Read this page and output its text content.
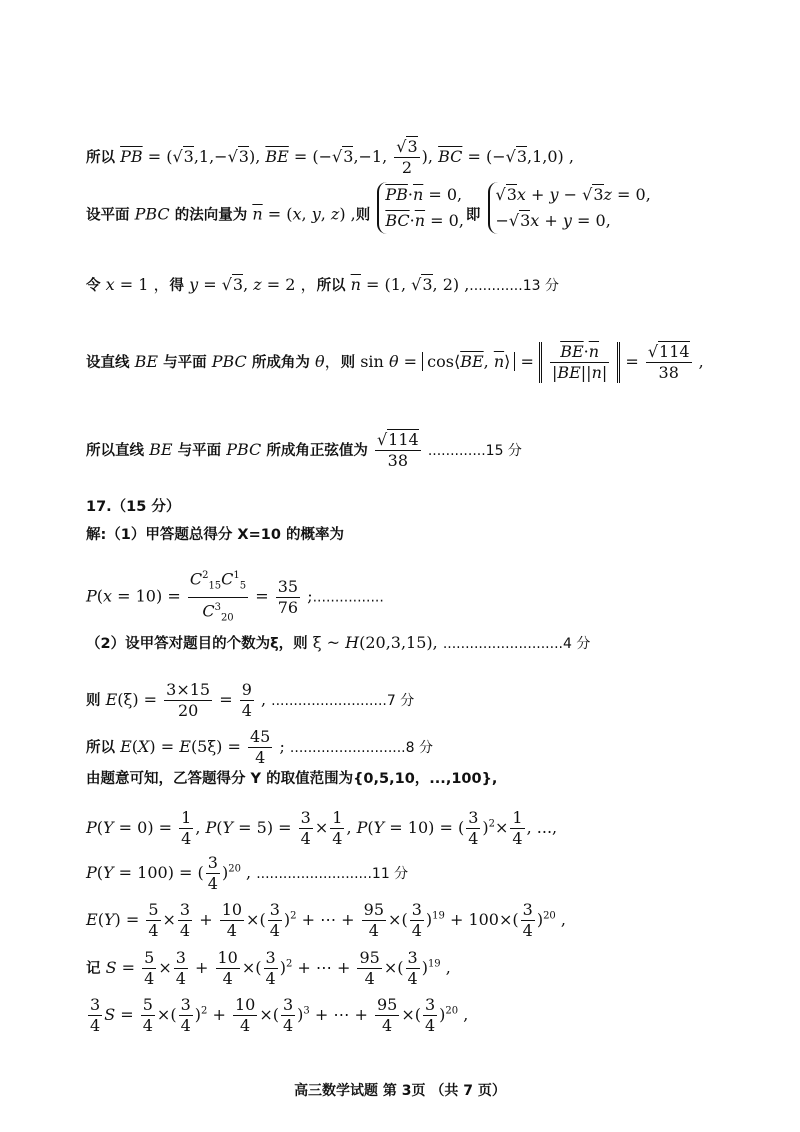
所以 $\overline{PB} = (√3,1,-√3)$, $\overline{BE} = (-√3,-1$, $\frac{√3}{2}$ ), $\overline{BC} = (-√3,1,0)$ ,
设平面 PBC 的法向量为 $\overline{n} = (x$, y, z) ,则
$\overline{PB}\cdot\overline{n} = 0$,
$\overline{BC}\cdot\overline{n} = 0$, 即
√3x + y − √3z = 0,
−√3x + y = 0,
令 x = 1 ，得 y = √3, z = 2 ，所以 $\overline{n} = (1$, √3, 2) ,............13 分
设直线 BE 与平面 PBC 所成角为 θ，则 $\sin \theta = \cos⟨\overline{BE}$, $\overline{n}⟩ = \frac{\overline{BE}\cdot\overline{n}}{|\overline{BE}||\overline{n}|} = \frac{√114}{38}$ ,
所以直线 BE 与平面 PBC 所成角正弦值为 $\frac{√114}{38} .............15$ 分
17.（15 分）
解:（1）甲答题总得分 X=10 的概率为
$P(x = 10) = \frac{C^2_{15}C^1_5}{C^3_{20}} = \frac{35}{76}$ ;................
（2）设甲答对题目的个数为ξ，则 ξ ~ H(20,3,15), ...........................4 分
则 $E(\xi) = \frac{3\times 15}{20} = \frac{9}{4}$ , ..........................7 分
所以 $E(X) = E(5\xi) = \frac{45}{4}$ ; ..........................8 分
由题意可知，乙答题得分 Y 的取值范围为{0,5,10，...,100},
$P(Y = 0) = \frac{1}{4}$ , $P(Y = 5) = \frac{3}{4} \times \frac{1}{4}$ , P(Y = 10) = ( $\frac{3}{4} )^2\times \frac{1}{4}$ , ...,
P(Y = 100) = ( $\frac{3}{4} )^{20}$ , ..........................11 分
$E(Y) = \frac{5}{4} \times \frac{3}{4} + \frac{10}{4}$ ×( $\frac{3}{4} )^2$ + ⋯ + $\frac{95}{4}$ ×( $\frac{3}{4} )^{19} + 100\times( \frac{3}{4} )^{20}$ ,
记 $S = \frac{5}{4} \times \frac{3}{4} + \frac{10}{4}$ ×( $\frac{3}{4} )^2$ + ⋯ + $\frac{95}{4}$ ×( $\frac{3}{4} )^{19}$ ,
$\frac{3}{4}$ $S = \frac{5}{4}$ ×( $\frac{3}{4} )^2 + \frac{10}{4}$ ×( $\frac{3}{4} )^3$ + ⋯ + $\frac{95}{4}$ ×( $\frac{3}{4} )^{20}$ ,
高三数学试题 第 3页 （共 7 页）
